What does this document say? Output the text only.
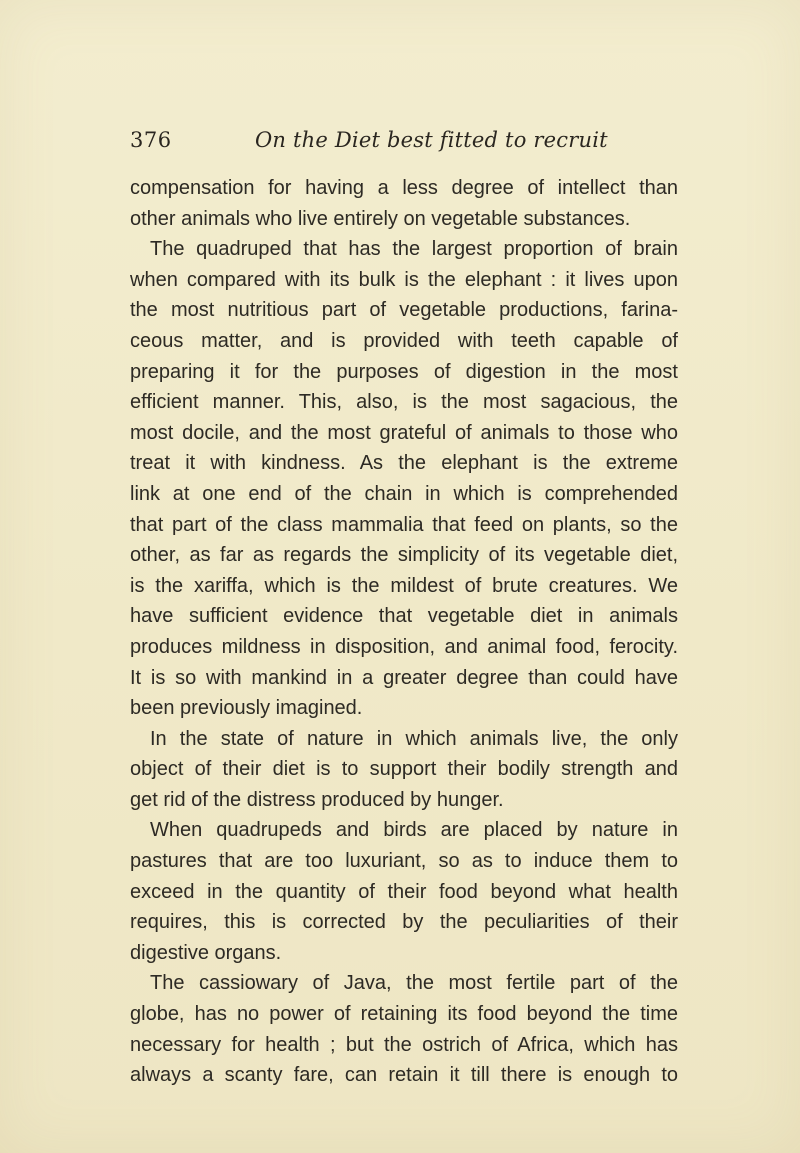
376	On the Diet best fitted to recruit
compensation for having a less degree of intellect than
other animals who live entirely on vegetable substances.
The quadruped that has the largest proportion of brain
when compared with its bulk is the elephant : it lives upon
the most nutritious part of vegetable productions, farina-
ceous matter, and is provided with teeth capable of
preparing it for the purposes of digestion in the most
efficient manner. This, also, is the most sagacious, the
most docile, and the most grateful of animals to those who
treat it with kindness. As the elephant is the extreme
link at one end of the chain in which is comprehended
that part of the class mammalia that feed on plants, so the
other, as far as regards the simplicity of its vegetable diet,
is the xariffa, which is the mildest of brute creatures. We
have sufficient evidence that vegetable diet in animals
produces mildness in disposition, and animal food, ferocity.
It is so with mankind in a greater degree than could have
been previously imagined.
In the state of nature in which animals live, the only
object of their diet is to support their bodily strength and
get rid of the distress produced by hunger.
When quadrupeds and birds are placed by nature in
pastures that are too luxuriant, so as to induce them to
exceed in the quantity of their food beyond what health
requires, this is corrected by the peculiarities of their
digestive organs.
The cassiowary of Java, the most fertile part of the
globe, has no power of retaining its food beyond the time
necessary for health ; but the ostrich of Africa, which has
always a scanty fare, can retain it till there is enough to
